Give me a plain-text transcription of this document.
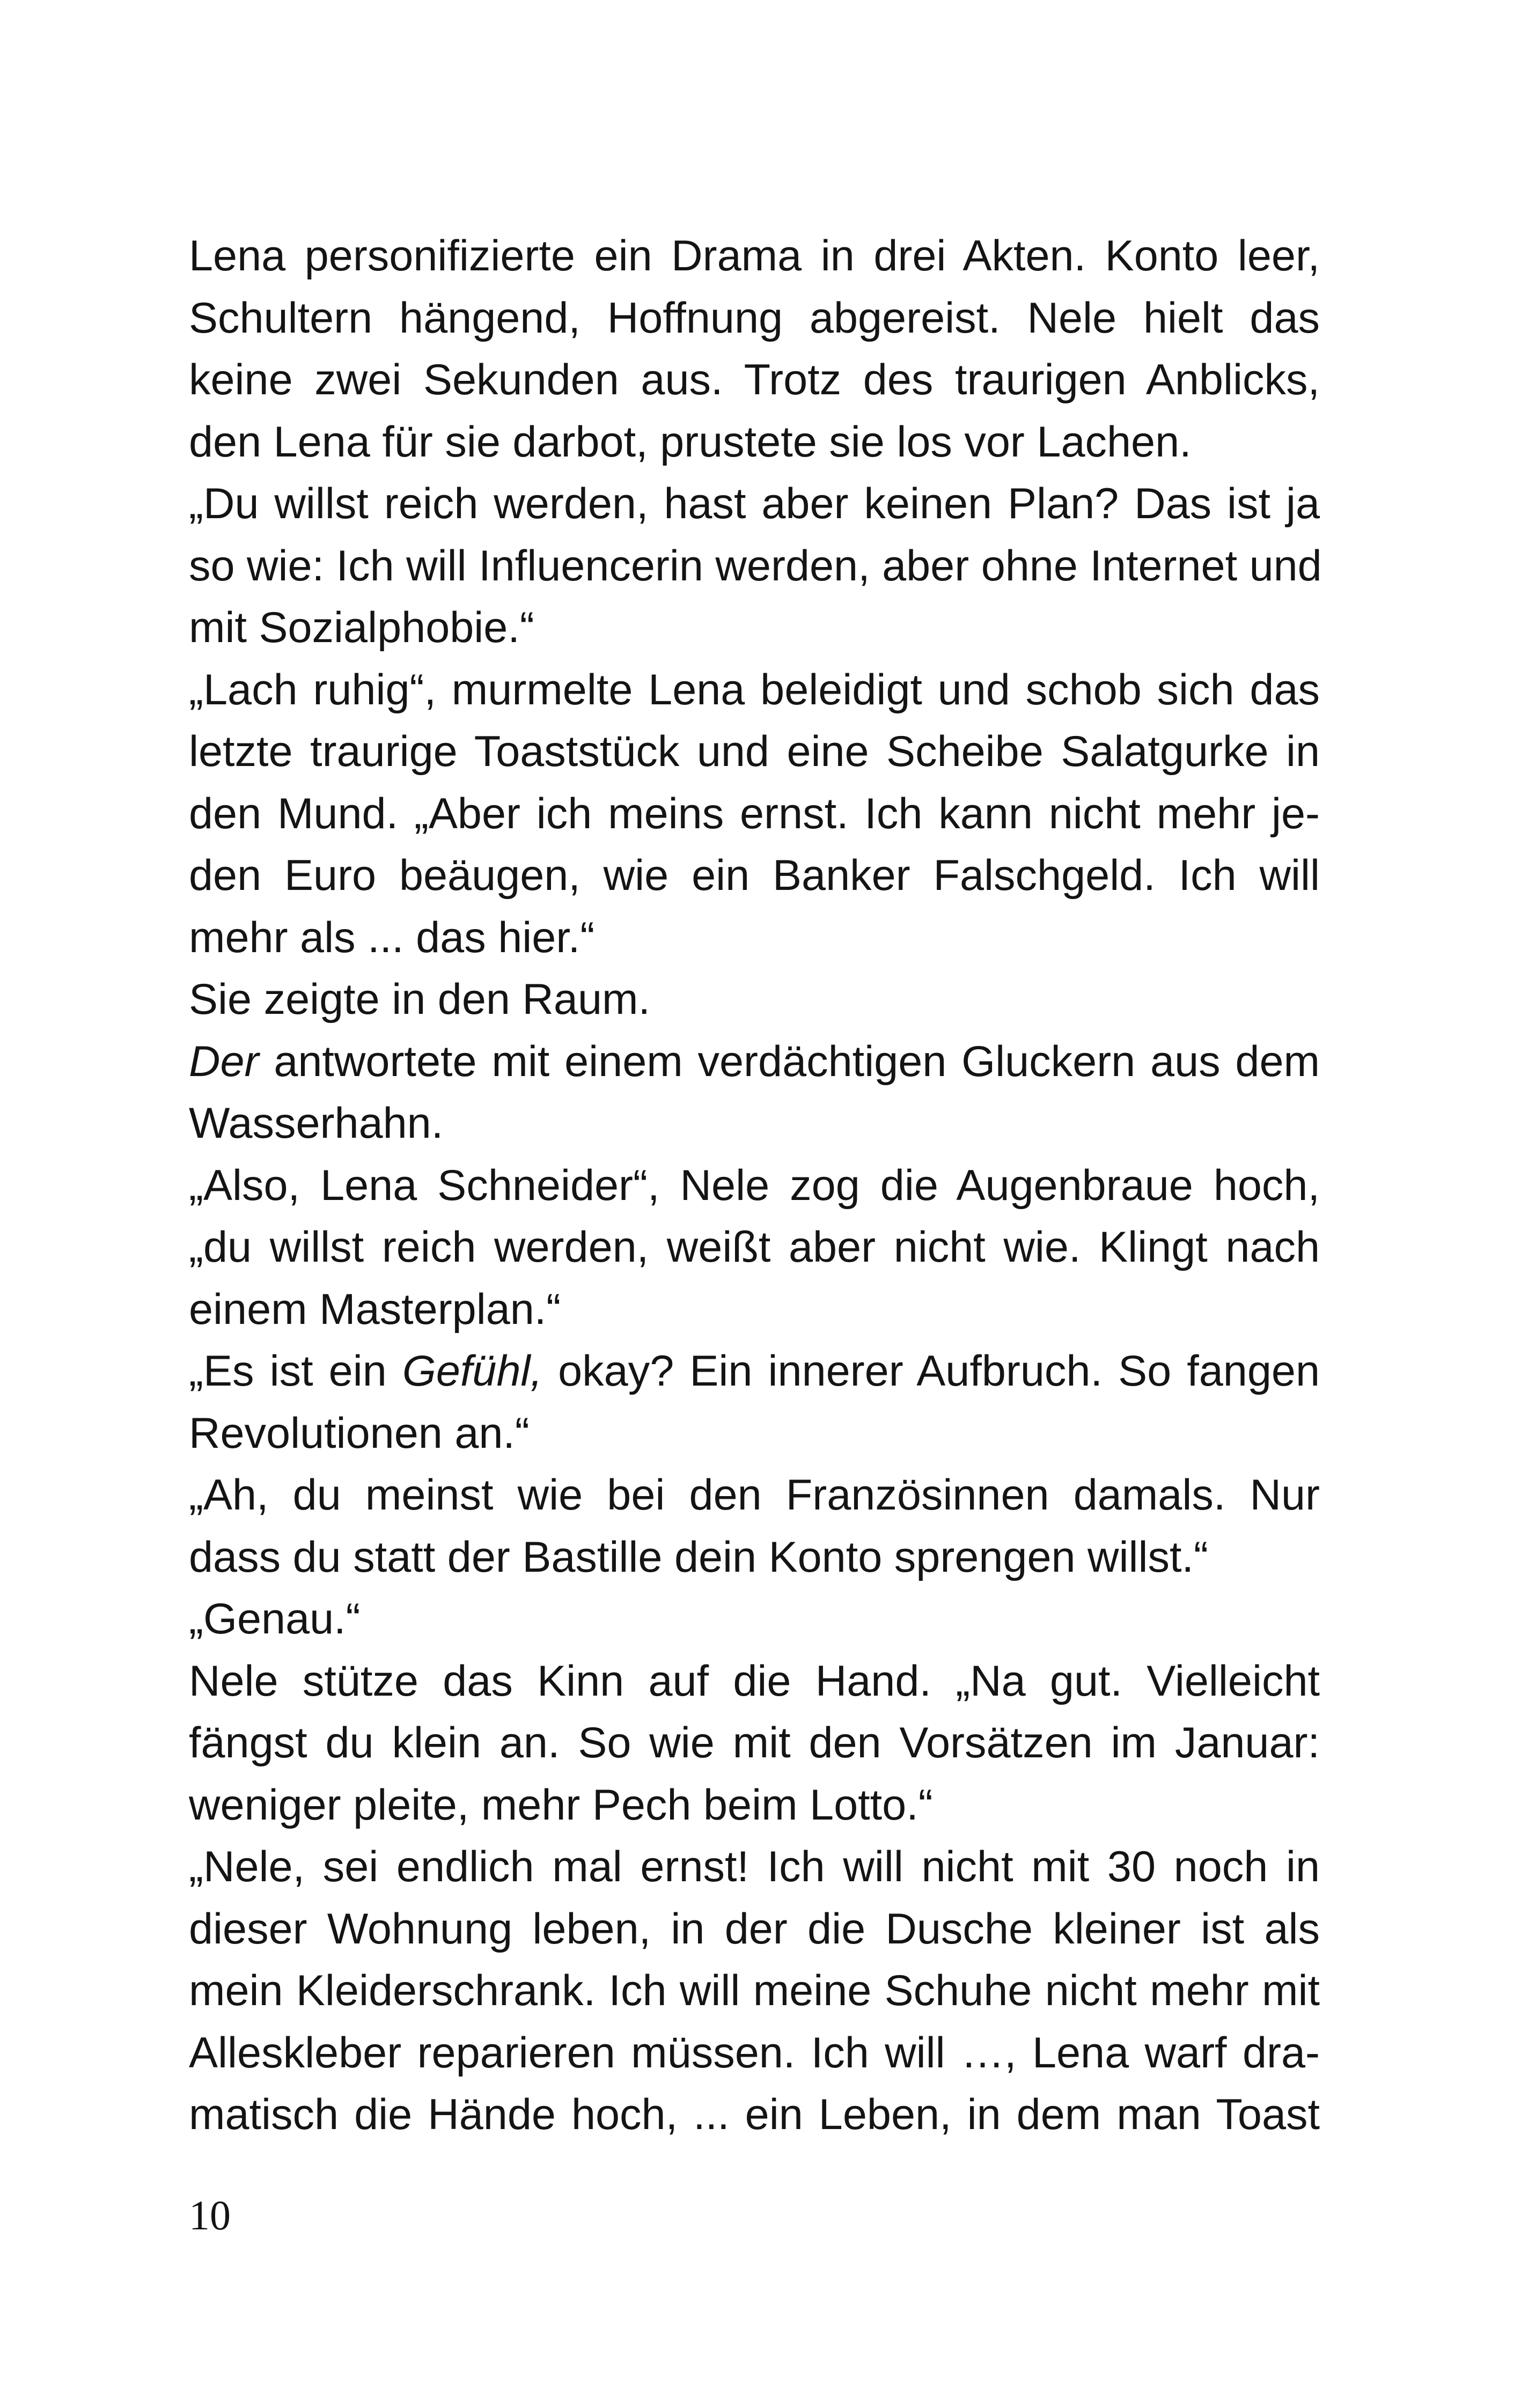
Lena personifizierte ein Drama in drei Akten. Konto leer,
Schultern hängend, Hoffnung abgereist. Nele hielt das
keine zwei Sekunden aus. Trotz des traurigen Anblicks,
den Lena für sie darbot, prustete sie los vor Lachen.
„Du willst reich werden, hast aber keinen Plan? Das ist ja
so wie: Ich will Influencerin werden, aber ohne Internet und
mit Sozialphobie.“
„Lach ruhig“, murmelte Lena beleidigt und schob sich das
letzte traurige Toaststück und eine Scheibe Salatgurke in
den Mund. „Aber ich meins ernst. Ich kann nicht mehr je-
den Euro beäugen, wie ein Banker Falschgeld. Ich will
mehr als ... das hier.“
Sie zeigte in den Raum.
Der antwortete mit einem verdächtigen Gluckern aus dem
Wasserhahn.
„Also, Lena Schneider“, Nele zog die Augenbraue hoch,
„du willst reich werden, weißt aber nicht wie. Klingt nach
einem Masterplan.“
„Es ist ein Gefühl, okay? Ein innerer Aufbruch. So fangen
Revolutionen an.“
„Ah, du meinst wie bei den Französinnen damals. Nur
dass du statt der Bastille dein Konto sprengen willst.“
„Genau.“
Nele stütze das Kinn auf die Hand. „Na gut. Vielleicht
fängst du klein an. So wie mit den Vorsätzen im Januar:
weniger pleite, mehr Pech beim Lotto.“
„Nele, sei endlich mal ernst! Ich will nicht mit 30 noch in
dieser Wohnung leben, in der die Dusche kleiner ist als
mein Kleiderschrank. Ich will meine Schuhe nicht mehr mit
Alleskleber reparieren müssen. Ich will …, Lena warf dra-
matisch die Hände hoch, ... ein Leben, in dem man Toast
10
